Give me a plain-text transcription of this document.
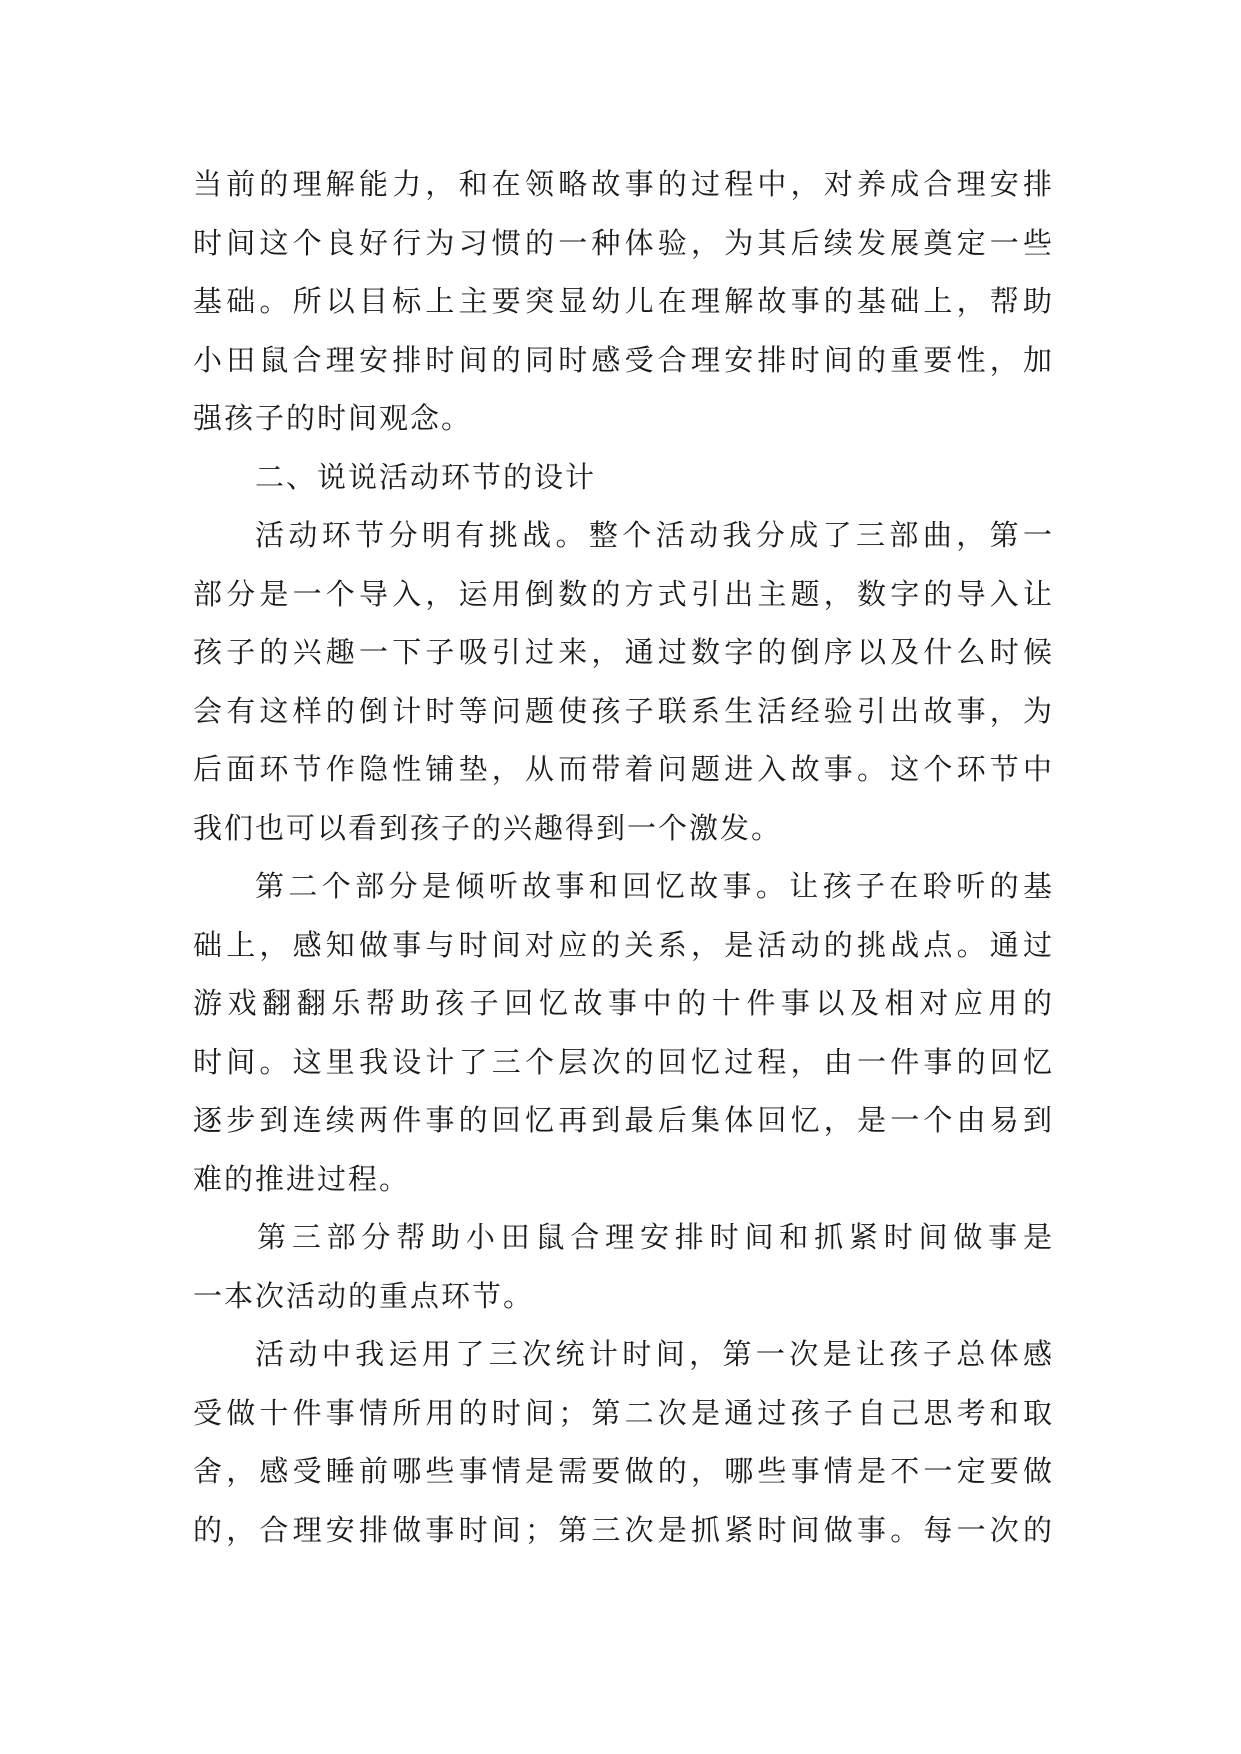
当前的理解能力，和在领略故事的过程中，对养成合理安排
时间这个良好行为习惯的一种体验，为其后续发展奠定一些
基础。所以目标上主要突显幼儿在理解故事的基础上，帮助
小田鼠合理安排时间的同时感受合理安排时间的重要性，加
强孩子的时间观念。
二、说说活动环节的设计
活动环节分明有挑战。整个活动我分成了三部曲，第一
部分是一个导入，运用倒数的方式引出主题，数字的导入让
孩子的兴趣一下子吸引过来，通过数字的倒序以及什么时候
会有这样的倒计时等问题使孩子联系生活经验引出故事，为
后面环节作隐性铺垫，从而带着问题进入故事。这个环节中
我们也可以看到孩子的兴趣得到一个激发。
第二个部分是倾听故事和回忆故事。让孩子在聆听的基
础上，感知做事与时间对应的关系，是活动的挑战点。通过
游戏翻翻乐帮助孩子回忆故事中的十件事以及相对应用的
时间。这里我设计了三个层次的回忆过程，由一件事的回忆
逐步到连续两件事的回忆再到最后集体回忆，是一个由易到
难的推进过程。
第三部分帮助小田鼠合理安排时间和抓紧时间做事是
一本次活动的重点环节。
活动中我运用了三次统计时间，第一次是让孩子总体感
受做十件事情所用的时间；第二次是通过孩子自己思考和取
舍，感受睡前哪些事情是需要做的，哪些事情是不一定要做
的，合理安排做事时间；第三次是抓紧时间做事。每一次的
